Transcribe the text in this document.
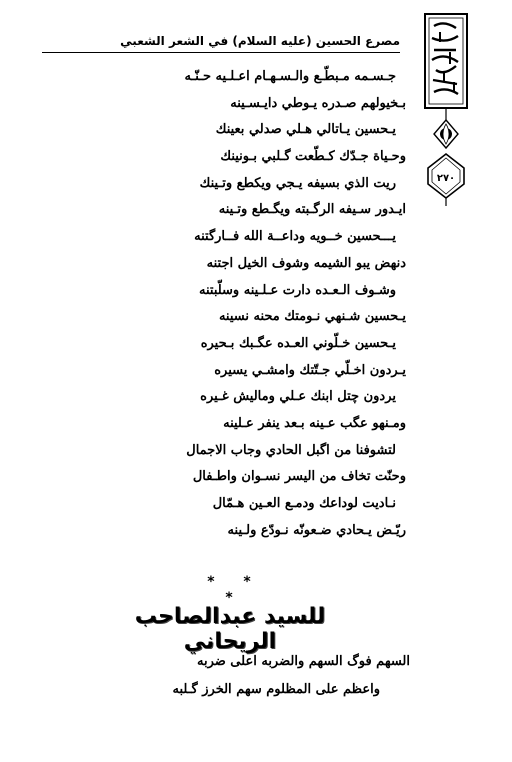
مصرع الحسين (عليه السلام) في الشعر الشعبي
٢٧٠
جـسـمه مـبطّـع والـسـهـام اعـلـيه حـنّـه
بـخيولهم صـدره يـوطي دايـسـينه
يـحسين يـاتالي هـلي صدلي بعينك
وحـياة جـدّك كـطّعت گـلبي بـونينك
ريت الذي بسيفه يـجي ويكطع وتـينك
ايـدور سـيفه الرگـبته ويگـطع وتـينه
يـــحسين خــويه وداعــة الله فــارگتنه
دنهض يبو الشيمه وشوف الخيل اجتنه
وشـوف الـعـده دارت عـلـينه وسلّبتنه
يـحسين شـنهي نـومتك محنه نسينه
يـحسين خـلّوني العـده عگـبك بـحيره
يـردون اخـلّي جـتّتك وامشـي يسيره
يردون چتل ابنك عـلي وماليش غـيره
ومـنهو عگب عـينه بـعد ينفر عـلينه
لتشوفنا من اگبل الحادي وجاب الاجمال
وحنّت تخاف من اليسر نسـوان واطـفال
نـاديت لوداعك ودمـع العـين هـمّال
ريّـض يـحادي ضـعونّه نـودّع ولـينه
* * *
للسيد عبدالصاحب الريحاني
السهم فوگ السهم والضربه اعلى ضربه
واعظم على المظلوم سهم الخرز گـلبه
